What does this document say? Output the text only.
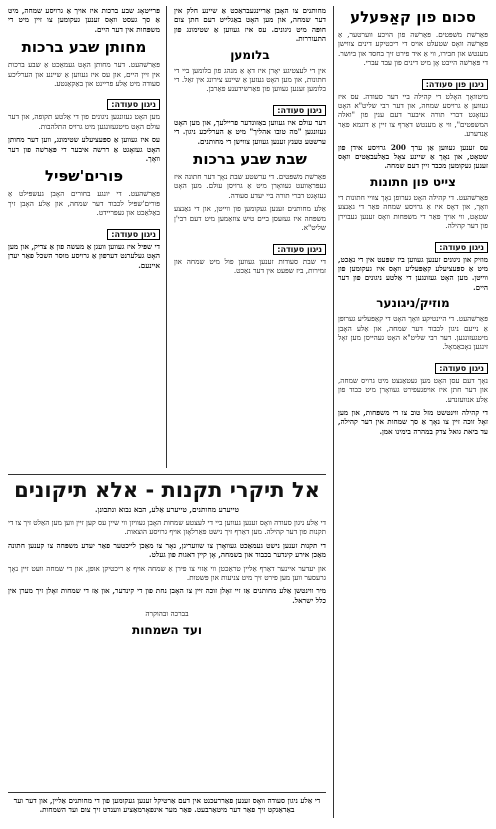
סכום פון קאַפּעלע

פּאַרשׁת משׁפּטים. פּאַרשׁה פון הויכע ווערטער, אַ פּאַרשׁה וואָס שטעלט אויס די ריכטיקע דינים צווישן מענטש און חבירו, ווי אַ איד פירט זיך בחסד און ביושר. די פּאַרשׁה הייבט אָן מיט דינים פון עבד עברי.

ניגון פון סעודה:

מיטוואָך האָלט די קהילה ביי דער סעודה. עס איז געווען אַ גרויסע שמחה, און דער רבי שליט"א האָט געזאָגט דברי תורה איבער דעם ענין פון "ואלה המשפטים", ווי אַ מענטש דאַרף צו זיין אַ דוגמא פאַר אַנדערע.

עס זענען געווען אַן ערך 200 גרויסע אידן פון שטאָט, און נאָך אַ שיינע צאָל באַלעבאַטים וואָס זענען געקומען מכבד זיין דעם שמחה.

צייט פון חתונות

פּאַרשׁהעט. די קהילה האָט גערופן נאָך צוויי חתונות די וואָך, און דאָס איז אַ גרויסע שמחה פאַר די גאַנצע שטאָט, ווי אויך פאַר די משפּחות וואָס זענען געבוירן פון דער קהילה.

ניגון סעודה:

מוזיק און ניגונים זענען געווען ביז שפּעט אין די נאַכט, מיט אַ ספּעציעלע קאַפּעליע וואָס איז געקומען פון ווייטן. מען האָט געזונגען די אַלטע ניגונים פון דער היים.

מוזיק/ניגונער

פּאַרשׁהעט. די היינטיקע וואָך האָט די קאַפּעליע גערופן אַ נייעם ניגון לכבוד דער שמחה, און אַלע האָבן מיטגעזונגען. דער רבי שליט"א האָט געהייסן מען זאָל זינגען נאָכאַמאָל.

ניגון סעודה:

נאָך דעם עסן האָט מען געטאַנצט מיט גרויס שמחה, און דער חתן איז אויפגעפירט געוואָרן מיט כבוד פון אַלע אנוועזנדע.

די קהילה ווינטשט מזל טוב צו די משפּחות, און מען זאָל זוכה זיין צו נאָך אַ סך שמחות אין דער קהילה, עד ביאת גואל צדק במהרה בימינו אמן.

מחותנים צו האָבן אַריינגעבראַכט אַ שיינע חלק אין דער שמחה, און מען האָט באַגלייט דעם חתן צום חופּה מיט ניגונים. עס איז געווען אַ שטימונג פון התעוררות.

בלומען

אין די לעצטיגע יאָרן איז דאָ אַ מנהג פון בלומען ביי די חתונות, און מען האָט געזען אַ שיינע צירונג אין זאַל. די בלומען זענען געווען פון פאַרשידענע פאַרבן.

ניגון סעודה:

דער עולם איז געווען באַזונדער פריילעך, און מען האָט געזונגען "מה טובו אהליך" מיט אַ הערליכע ניגון. די ערשטע טענץ זענען געווען צווישן די מחותנים.

שבת שבע ברכות

פּאַרשׁת משׁפּטים. די ערשטע שבת נאָך דער חתונה איז געפּראַוועט געוואָרן מיט אַ גרויסן עולם. מען האָט געזאָגט דברי תורה ביי יעדע סעודה.

אַלע מחותנים זענען געקומען פון ווייטן, און די גאַנצע משפּחה איז געזעסן ביים טיש צוזאַמען מיט דעם רבי'ן שליט"א.

ניגון סעודה:

די שבת סעודות זענען געווען פול מיט שמחה און זמירות, ביז שפּעט אין דער נאַכט.

פּרייטאָג שבע ברכות איז אויך אַ גרויסע שמחה, מיט אַ סך געסט וואָס זענען געקומען צו זיין מיט די משפּחות אין דער היים.

מחותן שבע ברכות

פּאַרשׁהעט. דער מחותן האָט געמאַכט אַ שבע ברכות אין זיין היים, און עס איז געווען אַ שיינע און הערליכע סעודה מיט אַלע פריינט און באַקאַנטע.

ניגון סעודה:

מען האָט געזונגען ניגונים פון די אַלטע תקופה, און דער עולם האָט מיטגעזונגען מיט גרויס התלהבות.

עס איז געווען אַ ספּעציעלע שטימונג, ווען דער מחותן האָט געזאָגט אַ דרשה איבער די פּאַרשׁה פון דער וואָך.

פּורים'שפּיל

פּאַרשׁהעט. די יונגע בחורים האָבן געשפּילט אַ פּורים'שפּיל לכבוד דער שמחה, און אַלע האָבן זיך באַלאַכט און געפריידט.

ניגון סעודה:

די שפּיל איז געווען וועגן אַ מעשה פון אַ צדיק, און מען האָט געלערנט דערפון אַ גרויסע מוסר השכל פאַר יעדן איינעם.

אל תיקרי תקנות - אלא תיקונים
טייערע מחותנים, טייערע אַלע, הבא נבוא ונתבונן.

די אַלע ניגון סעודה וואָס זענען געווען ביי די לעצטע שמחות האָבן געוויזן ווי שיין עס קען זיין ווען מען האַלט זיך צו די תקנות פון דער קהילה. מען דאַרף זיך נישט פאַרלאָזן אויף גרויסע הוצאות.

די תקנות זענען נישט געמאַכט געוואָרן צו שוועריגן, נאָר צו מאַכן לייכטער פאַר יעדע משפּחה צו קענען חתונה מאַכן אירע קינדער בכבוד און בשמחה, אָן קיין דאגות פון געלט.

און יעדער איינער דאַרף אַליין טראַכטן ווי אַזוי צו פירן אַ שמחה אויף אַ ריכטיקן אופן, און די שמחה וועט זיין נאָך גרעסער ווען מען פירט זיך מיט צניעות און פּשטות.

מיר ווינטשן אַלע מחותנים אַז זיי זאָלן זוכה זיין צו האָבן נחת פון די קינדער, און אַז די שמחות זאָלן זיך מערן אין כלל ישראל.

בברכה ובהוקרה

ועד השמחות
די אַלע ניגון סעודה וואָס זענען פאַררעכנט אין דעם אַרטיקל זענען געקומען פון די מחותנים אַליין, און דער ועד באַדאַנקט זיך פאַר דער מיטאַרבעט. פאַר מער אינפאָרמאַציע ווענדט זיך צום ועד השמחות.
